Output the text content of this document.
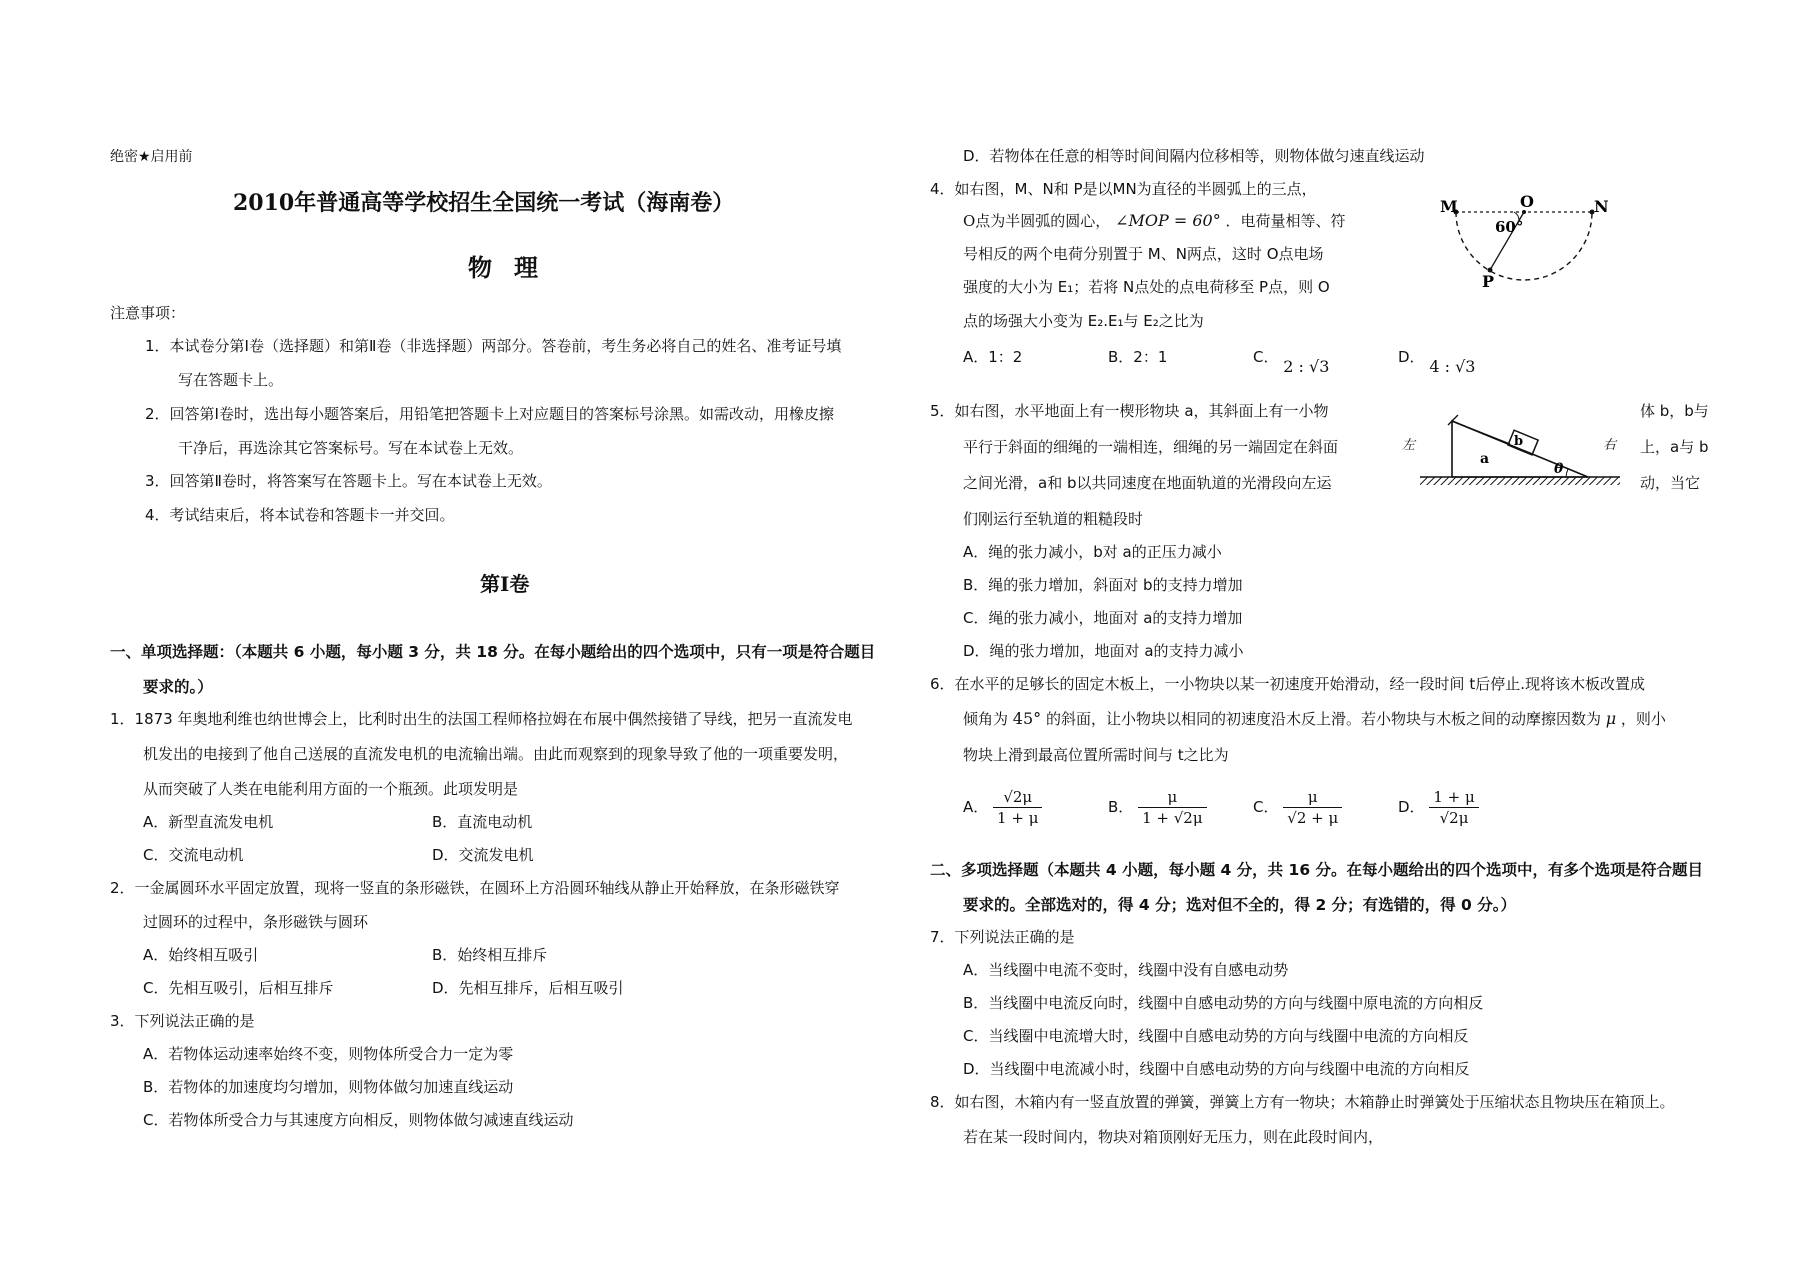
绝密★启用前
2010年普通高等学校招生全国统一考试（海南卷）
物理
注意事项：
1．本试卷分第Ⅰ卷（选择题）和第Ⅱ卷（非选择题）两部分。答卷前，考生务必将自己的姓名、准考证号填
写在答题卡上。
2．回答第Ⅰ卷时，选出每小题答案后，用铅笔把答题卡上对应题目的答案标号涂黑。如需改动，用橡皮擦
干净后，再选涂其它答案标号。写在本试卷上无效。
3．回答第Ⅱ卷时，将答案写在答题卡上。写在本试卷上无效。
4．考试结束后，将本试卷和答题卡一并交回。
第Ⅰ卷
一、单项选择题：（本题共 6 小题，每小题 3 分，共 18 分。在每小题给出的四个选项中，只有一项是符合题目
要求的。）
1．1873 年奥地利维也纳世博会上，比利时出生的法国工程师格拉姆在布展中偶然接错了导线，把另一直流发电
机发出的电接到了他自己送展的直流发电机的电流输出端。由此而观察到的现象导致了他的一项重要发明，
从而突破了人类在电能利用方面的一个瓶颈。此项发明是
A．新型直流发电机	B．直流电动机
C．交流电动机	D．交流发电机
2．一金属圆环水平固定放置，现将一竖直的条形磁铁，在圆环上方沿圆环轴线从静止开始释放，在条形磁铁穿
过圆环的过程中，条形磁铁与圆环
A．始终相互吸引	B．始终相互排斥
C．先相互吸引，后相互排斥	D．先相互排斥，后相互吸引
3．下列说法正确的是
A．若物体运动速率始终不变，则物体所受合力一定为零
B．若物体的加速度均匀增加，则物体做匀加速直线运动
C．若物体所受合力与其速度方向相反，则物体做匀减速直线运动
D．若物体在任意的相等时间间隔内位移相等，则物体做匀速直线运动
4．如右图，M、N和 P是以MN为直径的半圆弧上的三点，
O点为半圆弧的圆心， ∠MOP = 60° ．电荷量相等、符
号相反的两个电荷分别置于 M、N两点，这时 O点电场
强度的大小为 E₁；若将 N点处的点电荷移至 P点，则 O
点的场强大小变为 E₂.E₁与 E₂之比为
A．1：2	B．2：1	C． 2 : √3	D． 4 : √3
M	O	N
P
60°
5．如右图，水平地面上有一楔形物块 a，其斜面上有一小物
平行于斜面的细绳的一端相连，细绳的另一端固定在斜面
之间光滑，a和 b以共同速度在地面轨道的光滑段向左运
们刚运行至轨道的粗糙段时
体 b，b与
上，a与 b
动，当它
a
b
θ
左	右
A．绳的张力减小，b对 a的正压力减小
B．绳的张力增加，斜面对 b的支持力增加
C．绳的张力减小，地面对 a的支持力增加
D．绳的张力增加，地面对 a的支持力减小
6．在水平的足够长的固定木板上，一小物块以某一初速度开始滑动，经一段时间 t后停止.现将该木板改置成
倾角为 45° 的斜面，让小物块以相同的初速度沿木反上滑。若小物块与木板之间的动摩擦因数为 μ ，则小
物块上滑到最高位置所需时间与 t之比为
A． $\frac{√2\mu}{1 + \mu}$	B． $\frac{\mu}{1 + √2\mu}$	C． $\frac{\mu}{√2 + \mu}$	D． $\frac{1 + \mu}{√2\mu}$
二、多项选择题（本题共 4 小题，每小题 4 分，共 16 分。在每小题给出的四个选项中，有多个选项是符合题目
要求的。全部选对的，得 4 分；选对但不全的，得 2 分；有选错的，得 0 分。）
7．下列说法正确的是
A．当线圈中电流不变时，线圈中没有自感电动势
B．当线圈中电流反向时，线圈中自感电动势的方向与线圈中原电流的方向相反
C．当线圈中电流增大时，线圈中自感电动势的方向与线圈中电流的方向相反
D．当线圈中电流减小时，线圈中自感电动势的方向与线圈中电流的方向相反
8．如右图，木箱内有一竖直放置的弹簧，弹簧上方有一物块；木箱静止时弹簧处于压缩状态且物块压在箱顶上。
若在某一段时间内，物块对箱顶刚好无压力，则在此段时间内，
